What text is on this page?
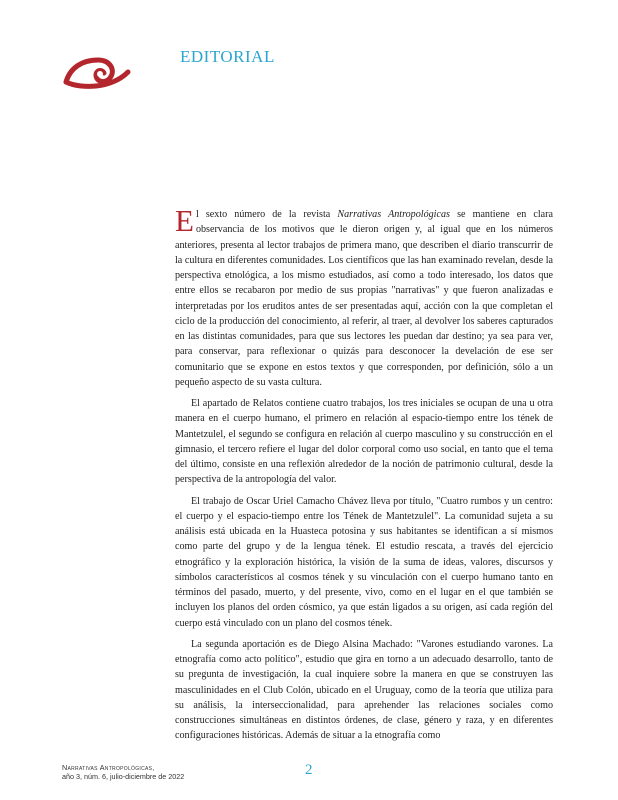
EDITORIAL

El sexto número de la revista Narrativas Antropológicas se mantiene en clara observancia de los motivos que le dieron origen y, al igual que en los números anteriores, presenta al lector trabajos de primera mano, que describen el diario transcurrir de la cultura en diferentes comunidades. Los científicos que las han examinado revelan, desde la perspectiva etnológica, a los mismo estudiados, así como a todo interesado, los datos que entre ellos se recabaron por medio de sus propias "narrativas" y que fueron analizadas e interpretadas por los eruditos antes de ser presentadas aquí, acción con la que completan el ciclo de la producción del conocimiento, al referir, al traer, al devolver los saberes capturados en las distintas comunidades, para que sus lectores les puedan dar destino; ya sea para ver, para conservar, para reflexionar o quizás para desconocer la develación de ese ser comunitario que se expone en estos textos y que corresponden, por definición, sólo a un pequeño aspecto de su vasta cultura.

El apartado de Relatos contiene cuatro trabajos, los tres iniciales se ocupan de una u otra manera en el cuerpo humano, el primero en relación al espacio-tiempo entre los tének de Mantetzulel, el segundo se configura en relación al cuerpo masculino y su construcción en el gimnasio, el tercero refiere el lugar del dolor corporal como uso social, en tanto que el tema del último, consiste en una reflexión alrededor de la noción de patrimonio cultural, desde la perspectiva de la antropología del valor.

El trabajo de Oscar Uriel Camacho Chávez lleva por título, "Cuatro rumbos y un centro: el cuerpo y el espacio-tiempo entre los Tének de Mantetzulel". La comunidad sujeta a su análisis está ubicada en la Huasteca potosina y sus habitantes se identifican a sí mismos como parte del grupo y de la lengua tének. El estudio rescata, a través del ejercicio etnográfico y la exploración histórica, la visión de la suma de ideas, valores, discursos y símbolos característicos al cosmos tének y su vinculación con el cuerpo humano tanto en términos del pasado, muerto, y del presente, vivo, como en el lugar en el que también se incluyen los planos del orden cósmico, ya que están ligados a su origen, así cada región del cuerpo está vinculado con un plano del cosmos tének.

La segunda aportación es de Diego Alsina Machado: "Varones estudiando varones. La etnografía como acto político", estudio que gira en torno a un adecuado desarrollo, tanto de su pregunta de investigación, la cual inquiere sobre la manera en que se construyen las masculinidades en el Club Colón, ubicado en el Uruguay, como de la teoría que utiliza para su análisis, la interseccionalidad, para aprehender las relaciones sociales como construcciones simultáneas en distintos órdenes, de clase, género y raza, y en diferentes configuraciones históricas. Además de situar a la etnografía como

Narrativas Antropológicas,
año 3, núm. 6, julio-diciembre de 2022	2
